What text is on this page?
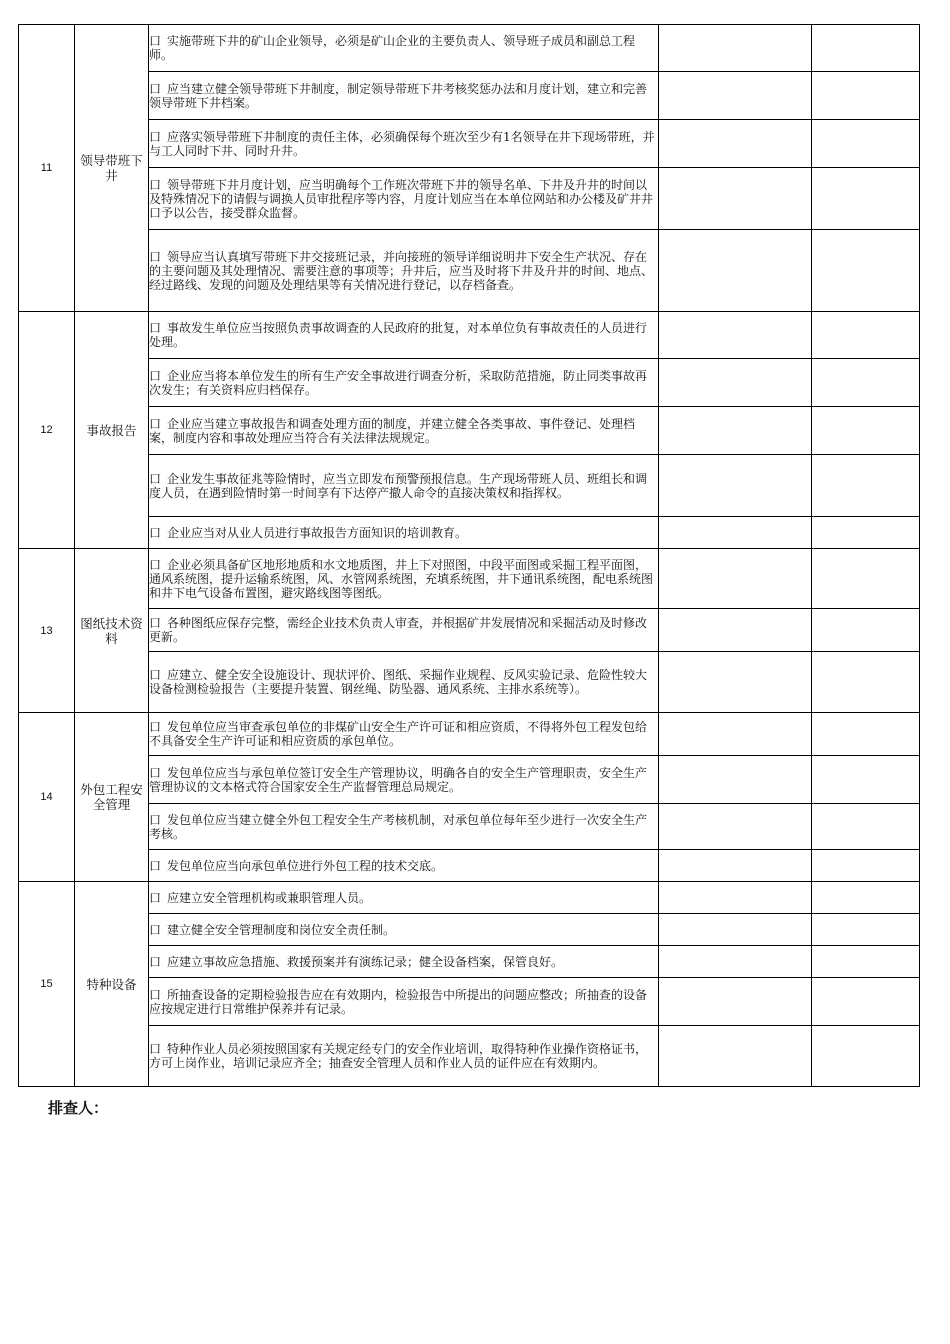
11	领导带班下井	口 实施带班下井的矿山企业领导，必须是矿山企业的主要负责人、领导班子成员和副总工程师。		
		口 应当建立健全领导带班下井制度，制定领导带班下井考核奖惩办法和月度计划，建立和完善领导带班下井档案。		
		口 应落实领导带班下井制度的责任主体，必须确保每个班次至少有1名领导在井下现场带班，并与工人同时下井、同时升井。		
		口 领导带班下井月度计划，应当明确每个工作班次带班下井的领导名单、下井及升井的时间以及特殊情况下的请假与调换人员审批程序等内容，月度计划应当在本单位网站和办公楼及矿井井口予以公告，接受群众监督。		
		口 领导应当认真填写带班下井交接班记录，并向接班的领导详细说明井下安全生产状况、存在的主要问题及其处理情况、需要注意的事项等；升井后，应当及时将下井及升井的时间、地点、经过路线、发现的问题及处理结果等有关情况进行登记，以存档备查。		
12	事故报告	口 事故发生单位应当按照负责事故调查的人民政府的批复，对本单位负有事故责任的人员进行处理。		
		口 企业应当将本单位发生的所有生产安全事故进行调查分析，采取防范措施，防止同类事故再次发生；有关资料应归档保存。		
		口 企业应当建立事故报告和调查处理方面的制度，并建立健全各类事故、事件登记、处理档案，制度内容和事故处理应当符合有关法律法规规定。		
		口 企业发生事故征兆等险情时，应当立即发布预警预报信息。生产现场带班人员、班组长和调度人员，在遇到险情时第一时间享有下达停产撤人命令的直接决策权和指挥权。		
		口 企业应当对从业人员进行事故报告方面知识的培训教育。		
13	图纸技术资料	口 企业必须具备矿区地形地质和水文地质图，井上下对照图，中段平面图或采掘工程平面图，通风系统图，提升运输系统图，风、水管网系统图，充填系统图，井下通讯系统图，配电系统图和井下电气设备布置图，避灾路线图等图纸。		
		口 各种图纸应保存完整，需经企业技术负责人审查，并根据矿井发展情况和采掘活动及时修改更新。		
		口 应建立、健全安全设施设计、现状评价、图纸、采掘作业规程、反风实验记录、危险性较大设备检测检验报告（主要提升装置、钢丝绳、防坠器、通风系统、主排水系统等）。		
14	外包工程安全管理	口 发包单位应当审查承包单位的非煤矿山安全生产许可证和相应资质，不得将外包工程发包给不具备安全生产许可证和相应资质的承包单位。		
		口 发包单位应当与承包单位签订安全生产管理协议，明确各自的安全生产管理职责，安全生产管理协议的文本格式符合国家安全生产监督管理总局规定。		
		口 发包单位应当建立健全外包工程安全生产考核机制，对承包单位每年至少进行一次安全生产考核。		
		口 发包单位应当向承包单位进行外包工程的技术交底。		
15	特种设备	口 应建立安全管理机构或兼职管理人员。		
		口 建立健全安全管理制度和岗位安全责任制。		
		口 应建立事故应急措施、救援预案并有演练记录；健全设备档案，保管良好。		
		口 所抽查设备的定期检验报告应在有效期内，检验报告中所提出的问题应整改；所抽查的设备应按规定进行日常维护保养并有记录。		
		口 特种作业人员必须按照国家有关规定经专门的安全作业培训，取得特种作业操作资格证书，方可上岗作业，培训记录应齐全；抽查安全管理人员和作业人员的证件应在有效期内。		
排查人：
